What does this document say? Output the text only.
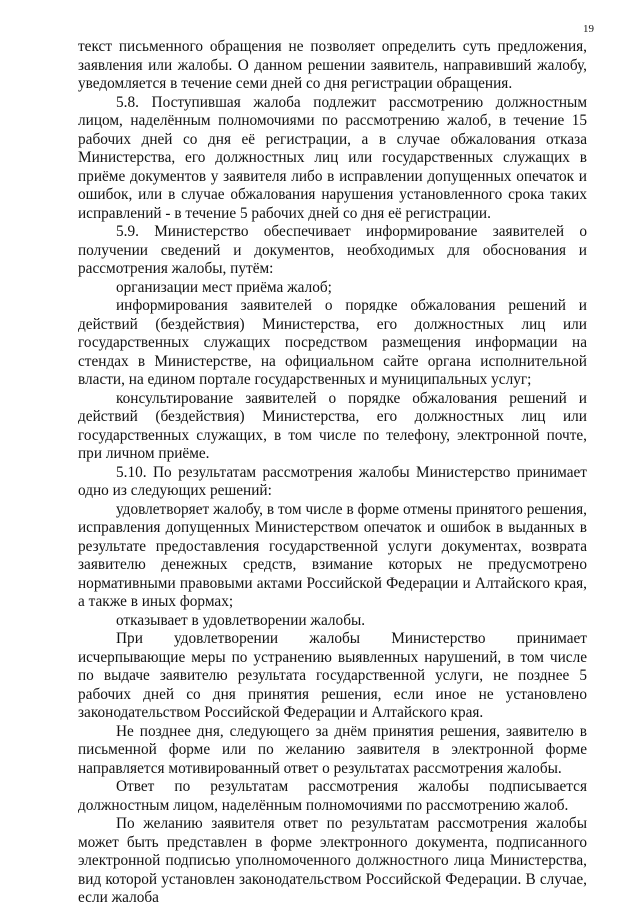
19

текст письменного обращения не позволяет определить суть предложения, заявления или жалобы. О данном решении заявитель, направивший жалобу, уведомляется в течение семи дней со дня регистрации обращения.

5.8. Поступившая жалоба подлежит рассмотрению должностным лицом, наделённым полномочиями по рассмотрению жалоб, в течение 15 рабочих дней со дня её регистрации, а в случае обжалования отказа Министерства, его должностных лиц или государственных служащих в приёме документов у заявителя либо в исправлении допущенных опечаток и ошибок, или в случае обжалования нарушения установленного срока таких исправлений - в течение 5 рабочих дней со дня её регистрации.

5.9. Министерство обеспечивает информирование заявителей о получении сведений и документов, необходимых для обоснования и рассмотрения жалобы, путём:

организации мест приёма жалоб;

информирования заявителей о порядке обжалования решений и действий (бездействия) Министерства, его должностных лиц или государственных служащих посредством размещения информации на стендах в Министерстве, на официальном сайте органа исполнительной власти, на едином портале государственных и муниципальных услуг;

консультирование заявителей о порядке обжалования решений и действий (бездействия) Министерства, его должностных лиц или государственных служащих, в том числе по телефону, электронной почте, при личном приёме.

5.10. По результатам рассмотрения жалобы Министерство принимает одно из следующих решений:

удовлетворяет жалобу, в том числе в форме отмены принятого решения, исправления допущенных Министерством опечаток и ошибок в выданных в результате предоставления государственной услуги документах, возврата заявителю денежных средств, взимание которых не предусмотрено нормативными правовыми актами Российской Федерации и Алтайского края, а также в иных формах;

отказывает в удовлетворении жалобы.

При удовлетворении жалобы Министерство принимает исчерпывающие меры по устранению выявленных нарушений, в том числе по выдаче заявителю результата государственной услуги, не позднее 5 рабочих дней со дня принятия решения, если иное не установлено законодательством Российской Федерации и Алтайского края.

Не позднее дня, следующего за днём принятия решения, заявителю в письменной форме или по желанию заявителя в электронной форме направляется мотивированный ответ о результатах рассмотрения жалобы.

Ответ по результатам рассмотрения жалобы подписывается должностным лицом, наделённым полномочиями по рассмотрению жалоб.

По желанию заявителя ответ по результатам рассмотрения жалобы может быть представлен в форме электронного документа, подписанного электронной подписью уполномоченного должностного лица Министерства, вид которой установлен законодательством Российской Федерации. В случае, если жалоба
